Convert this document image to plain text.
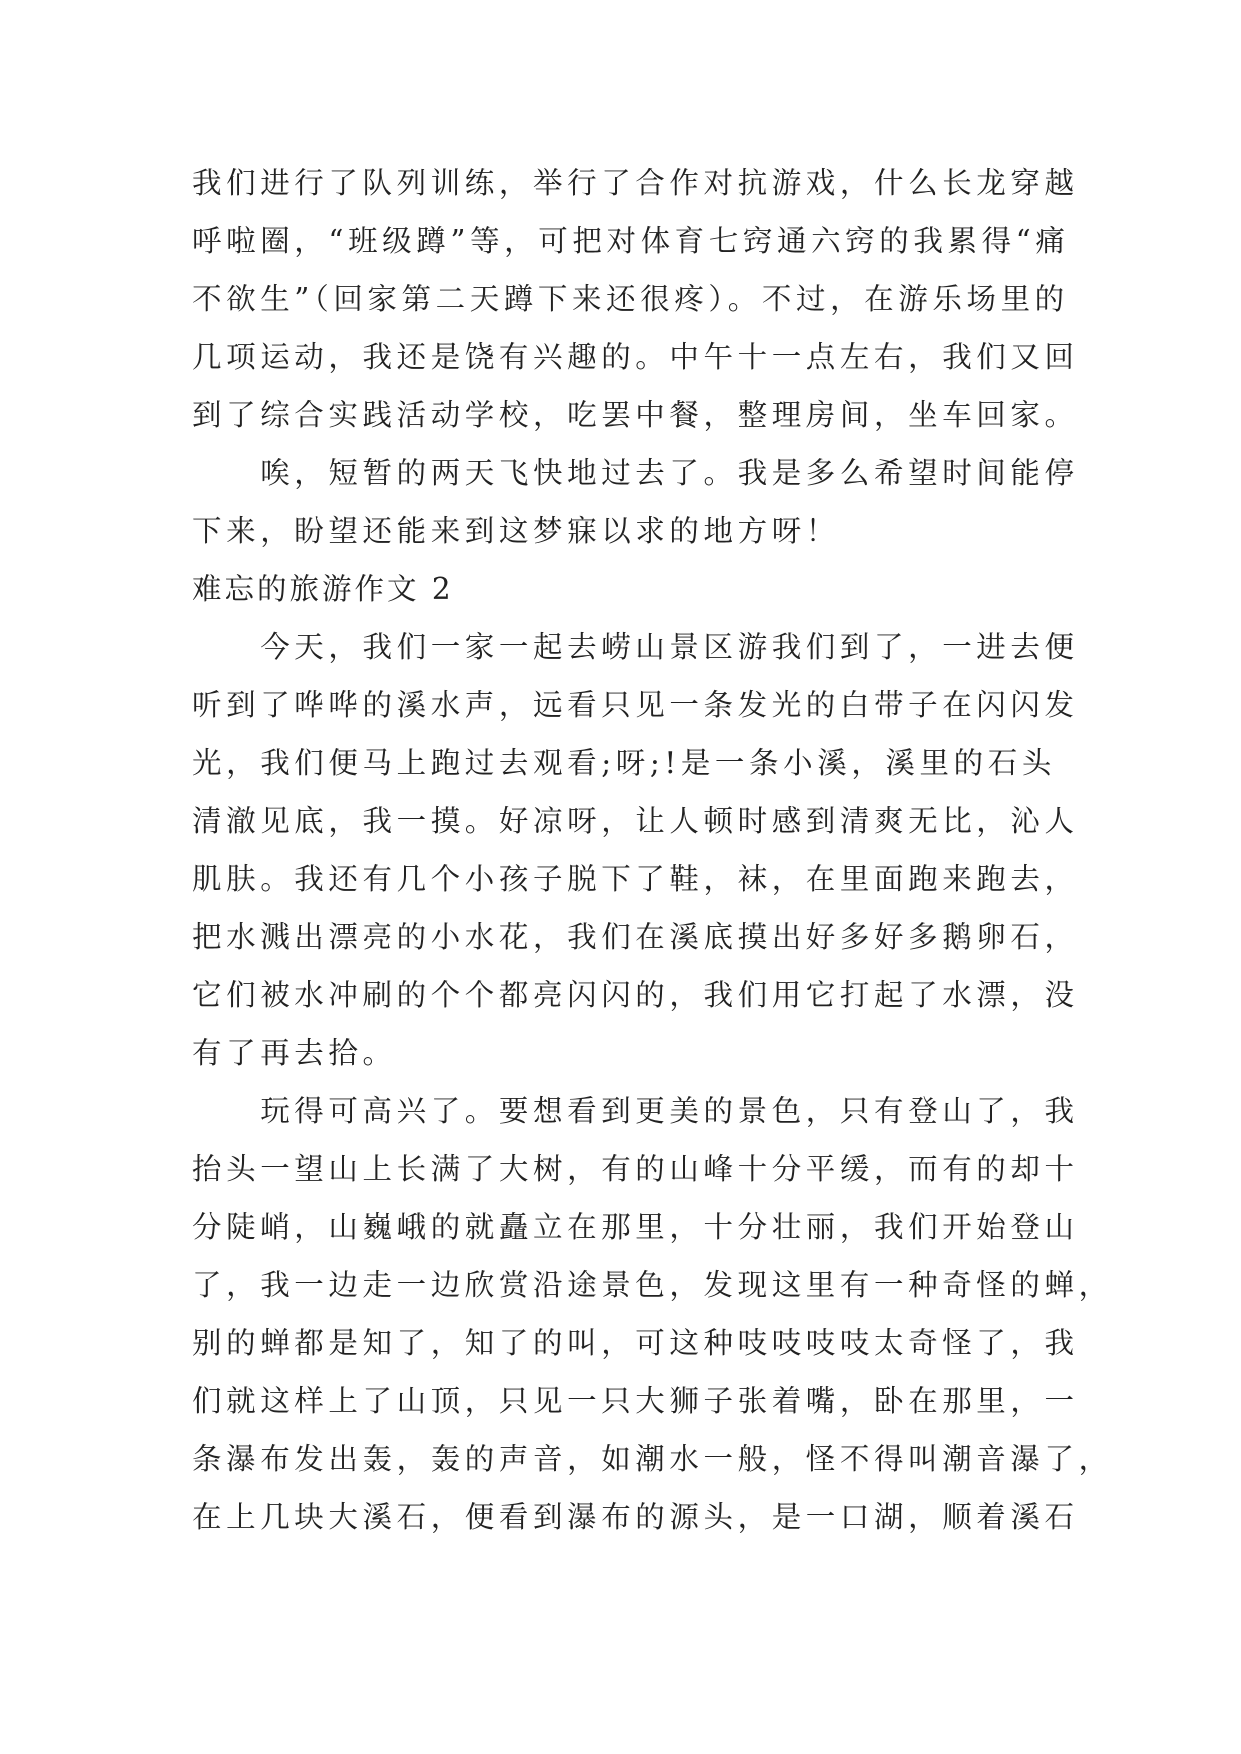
我们进行了队列训练，举行了合作对抗游戏，什么长龙穿越
呼啦圈，“班级蹲”等，可把对体育七窍通六窍的我累得“痛
不欲生”（回家第二天蹲下来还很疼）。不过，在游乐场里的
几项运动，我还是饶有兴趣的。中午十一点左右，我们又回
到了综合实践活动学校，吃罢中餐，整理房间，坐车回家。
　　唉，短暂的两天飞快地过去了。我是多么希望时间能停
下来，盼望还能来到这梦寐以求的地方呀！
难忘的旅游作文 2
　　今天，我们一家一起去崂山景区游我们到了，一进去便
听到了哗哗的溪水声，远看只见一条发光的白带子在闪闪发
光，我们便马上跑过去观看;呀;!是一条小溪，溪里的石头
清澈见底，我一摸。好凉呀，让人顿时感到清爽无比，沁人
肌肤。我还有几个小孩子脱下了鞋，袜，在里面跑来跑去，
把水溅出漂亮的小水花，我们在溪底摸出好多好多鹅卵石，
它们被水冲刷的个个都亮闪闪的，我们用它打起了水漂，没
有了再去拾。
　　玩得可高兴了。要想看到更美的景色，只有登山了，我
抬头一望山上长满了大树，有的山峰十分平缓，而有的却十
分陡峭，山巍峨的就矗立在那里，十分壮丽，我们开始登山
了，我一边走一边欣赏沿途景色，发现这里有一种奇怪的蝉，
别的蝉都是知了，知了的叫，可这种吱吱吱吱太奇怪了，我
们就这样上了山顶，只见一只大狮子张着嘴，卧在那里，一
条瀑布发出轰，轰的声音，如潮水一般，怪不得叫潮音瀑了，
在上几块大溪石，便看到瀑布的源头，是一口湖，顺着溪石
